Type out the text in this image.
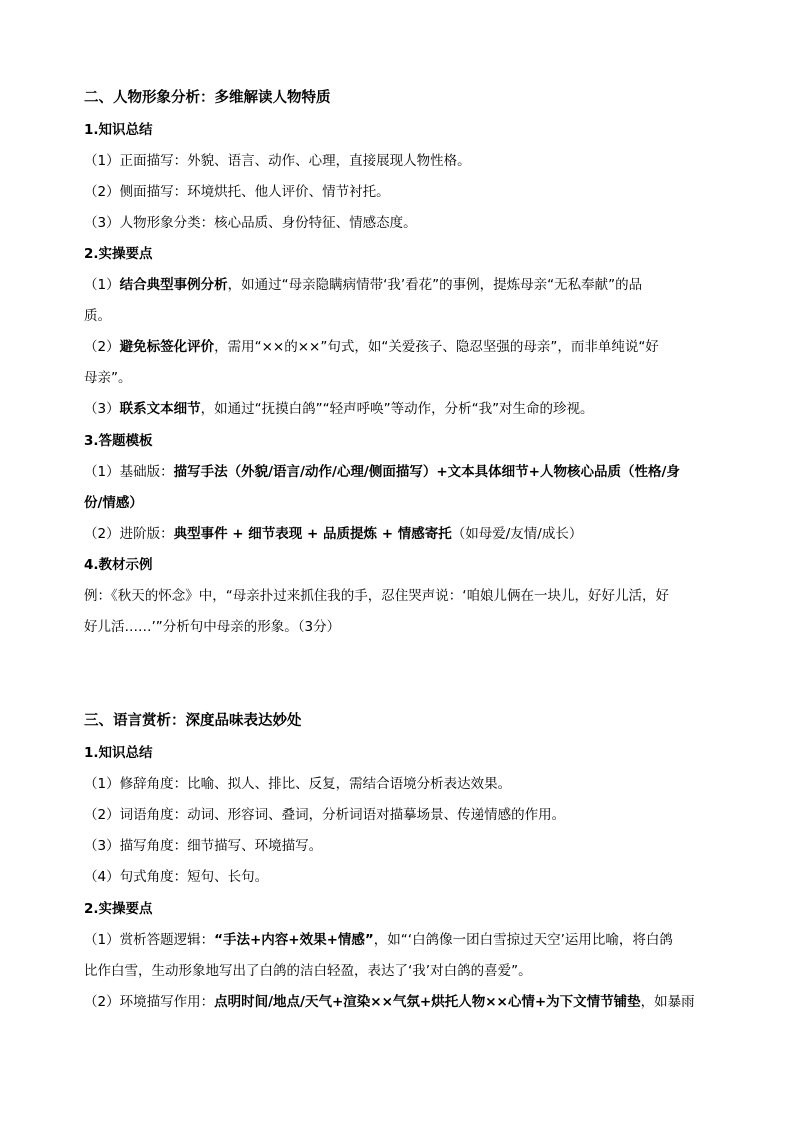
二、人物形象分析：多维解读人物特质
1.知识总结
（1）正面描写：外貌、语言、动作、心理，直接展现人物性格。
（2）侧面描写：环境烘托、他人评价、情节衬托。
（3）人物形象分类：核心品质、身份特征、情感态度。
2.实操要点
（1）结合典型事例分析，如通过“母亲隐瞒病情带‘我’看花”的事例，提炼母亲“无私奉献”的品
质。
（2）避免标签化评价，需用“××的××”句式，如“关爱孩子、隐忍坚强的母亲”，而非单纯说“好
母亲”。
（3）联系文本细节，如通过“抚摸白鸽”“轻声呼唤”等动作，分析“我”对生命的珍视。
3.答题模板
（1）基础版：描写手法（外貌/语言/动作/心理/侧面描写）+文本具体细节+人物核心品质（性格/身
份/情感）
（2）进阶版：典型事件 + 细节表现 + 品质提炼 + 情感寄托（如母爱/友情/成长）
4.教材示例
例：《秋天的怀念》中，“母亲扑过来抓住我的手，忍住哭声说：‘咱娘儿俩在一块儿，好好儿活，好
好儿活……’”分析句中母亲的形象。（3分）
三、语言赏析：深度品味表达妙处
1.知识总结
（1）修辞角度：比喻、拟人、排比、反复，需结合语境分析表达效果。
（2）词语角度：动词、形容词、叠词，分析词语对描摹场景、传递情感的作用。
（3）描写角度：细节描写、环境描写。
（4）句式角度：短句、长句。
2.实操要点
（1）赏析答题逻辑：“手法+内容+效果+情感”，如“‘白鸽像一团白雪掠过天空’运用比喻，将白鸽
比作白雪，生动形象地写出了白鸽的洁白轻盈，表达了‘我’对白鸽的喜爱”。
（2）环境描写作用：点明时间/地点/天气+渲染××气氛+烘托人物××心情+为下文情节铺垫，如暴雨
